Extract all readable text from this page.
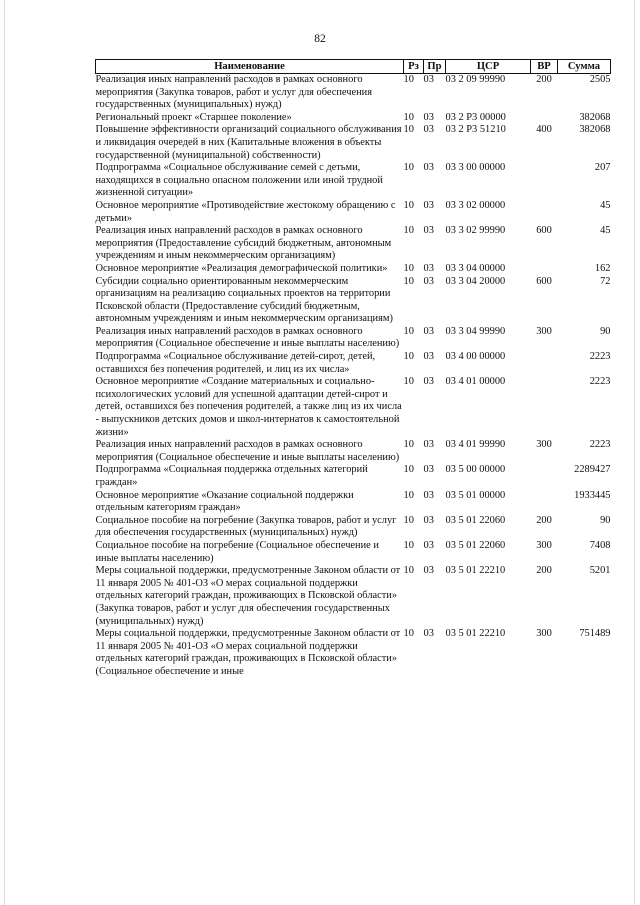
82
Наименование	Рз	Пр	ЦСР	ВР	Сумма
Реализация иных направлений расходов в рамках основного мероприятия (Закупка товаров, работ и услуг для обеспечения государственных (муниципальных) нужд)	10	03	03 2 09 99990	200	2505
Региональный проект «Старшее поколение»	10	03	03 2 P3 00000		382068
Повышение эффективности организаций социального обслуживания и ликвидация очередей в них (Капитальные вложения в объекты государственной (муниципальной) собственности)	10	03	03 2 P3 51210	400	382068
Подпрограмма «Социальное обслуживание семей с детьми, находящихся в социально опасном положении или иной трудной жизненной ситуации»	10	03	03 3 00 00000		207
Основное мероприятие «Противодействие жестокому обращению с детьми»	10	03	03 3 02 00000		45
Реализация иных направлений расходов в рамках основного мероприятия (Предоставление субсидий бюджетным, автономным учреждениям и иным некоммерческим организациям)	10	03	03 3 02 99990	600	45
Основное мероприятие «Реализация демографической политики»	10	03	03 3 04 00000		162
Субсидии социально ориентированным некоммерческим организациям на реализацию социальных проектов на территории Псковской области (Предоставление субсидий бюджетным, автономным учреждениям и иным некоммерческим организациям)	10	03	03 3 04 20000	600	72
Реализация иных направлений расходов в рамках основного мероприятия (Социальное обеспечение и иные выплаты населению)	10	03	03 3 04 99990	300	90
Подпрограмма «Социальное обслуживание детей-сирот, детей, оставшихся без попечения родителей, и лиц из их числа»	10	03	03 4 00 00000		2223
Основное мероприятие «Создание материальных и социально-психологических условий для успешной адаптации детей-сирот и детей, оставшихся без попечения родителей, а также лиц из их числа - выпускников детских домов и школ-интернатов к самостоятельной жизни»	10	03	03 4 01 00000		2223
Реализация иных направлений расходов в рамках основного мероприятия (Социальное обеспечение и иные выплаты населению)	10	03	03 4 01 99990	300	2223
Подпрограмма «Социальная поддержка отдельных категорий граждан»	10	03	03 5 00 00000		2289427
Основное мероприятие «Оказание социальной поддержки отдельным категориям граждан»	10	03	03 5 01 00000		1933445
Социальное пособие на погребение (Закупка товаров, работ и услуг для обеспечения государственных (муниципальных) нужд)	10	03	03 5 01 22060	200	90
Социальное пособие на погребение (Социальное обеспечение и иные выплаты населению)	10	03	03 5 01 22060	300	7408
Меры социальной поддержки, предусмотренные Законом области от 11 января 2005 № 401-ОЗ «О мерах социальной поддержки отдельных категорий граждан, проживающих в Псковской области» (Закупка товаров, работ и услуг для обеспечения государственных (муниципальных) нужд)	10	03	03 5 01 22210	200	5201
Меры социальной поддержки, предусмотренные Законом области от 11 января 2005 № 401-ОЗ «О мерах социальной поддержки отдельных категорий граждан, проживающих в Псковской области» (Социальное обеспечение и иные	10	03	03 5 01 22210	300	751489
